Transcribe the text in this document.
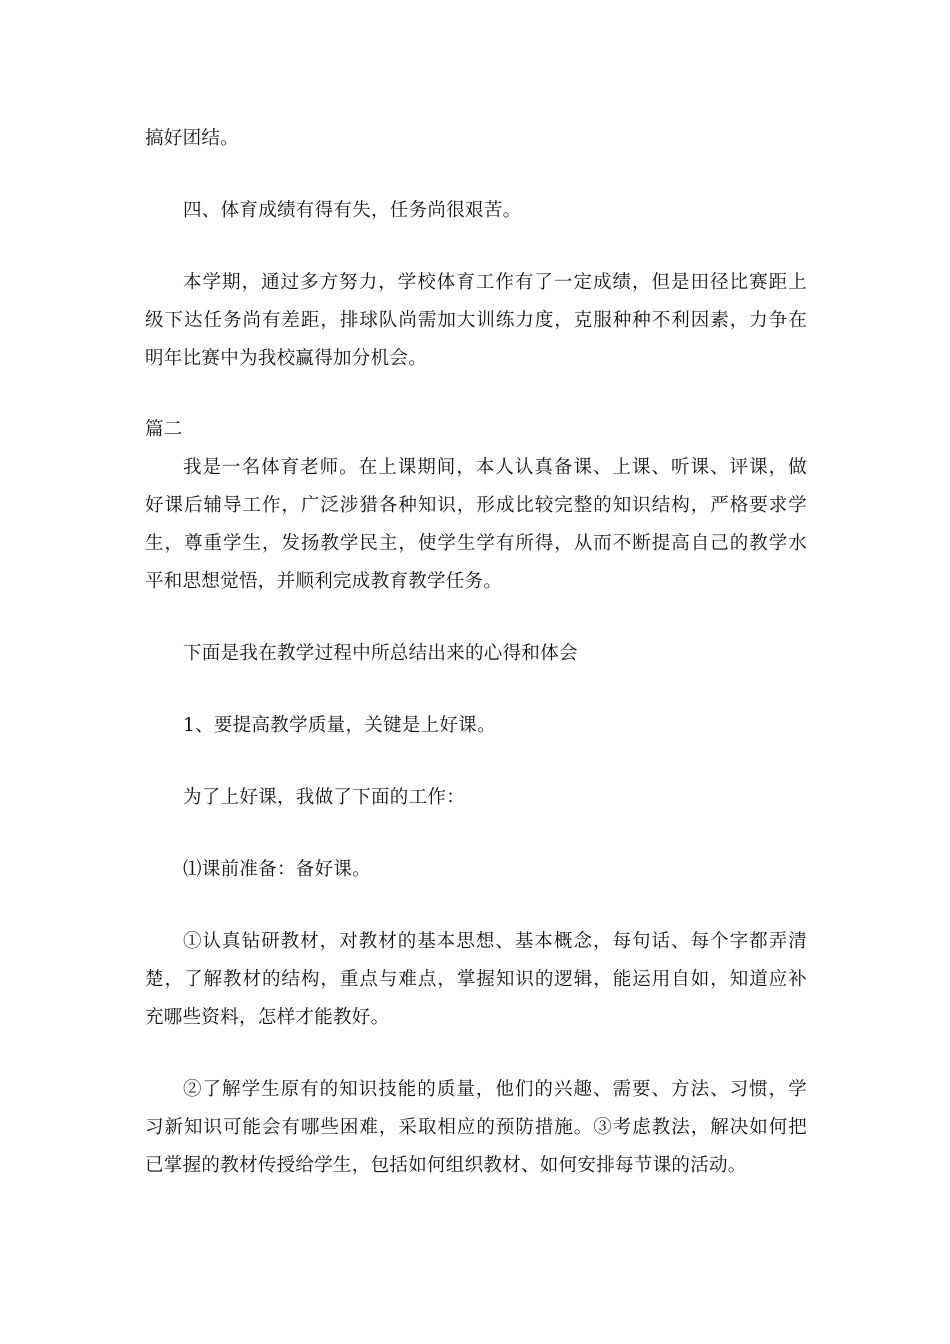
搞好团结。
四、体育成绩有得有失，任务尚很艰苦。
本学期，通过多方努力，学校体育工作有了一定成绩，但是田径比赛距上
级下达任务尚有差距，排球队尚需加大训练力度，克服种种不利因素，力争在
明年比赛中为我校赢得加分机会。
篇二
我是一名体育老师。在上课期间，本人认真备课、上课、听课、评课，做
好课后辅导工作，广泛涉猎各种知识，形成比较完整的知识结构，严格要求学
生，尊重学生，发扬教学民主，使学生学有所得，从而不断提高自己的教学水
平和思想觉悟，并顺利完成教育教学任务。
下面是我在教学过程中所总结出来的心得和体会
1、要提高教学质量，关键是上好课。
为了上好课，我做了下面的工作：
⑴课前准备：备好课。
①认真钻研教材，对教材的基本思想、基本概念，每句话、每个字都弄清
楚，了解教材的结构，重点与难点，掌握知识的逻辑，能运用自如，知道应补
充哪些资料，怎样才能教好。
②了解学生原有的知识技能的质量，他们的兴趣、需要、方法、习惯，学
习新知识可能会有哪些困难，采取相应的预防措施。③考虑教法，解决如何把
已掌握的教材传授给学生，包括如何组织教材、如何安排每节课的活动。
